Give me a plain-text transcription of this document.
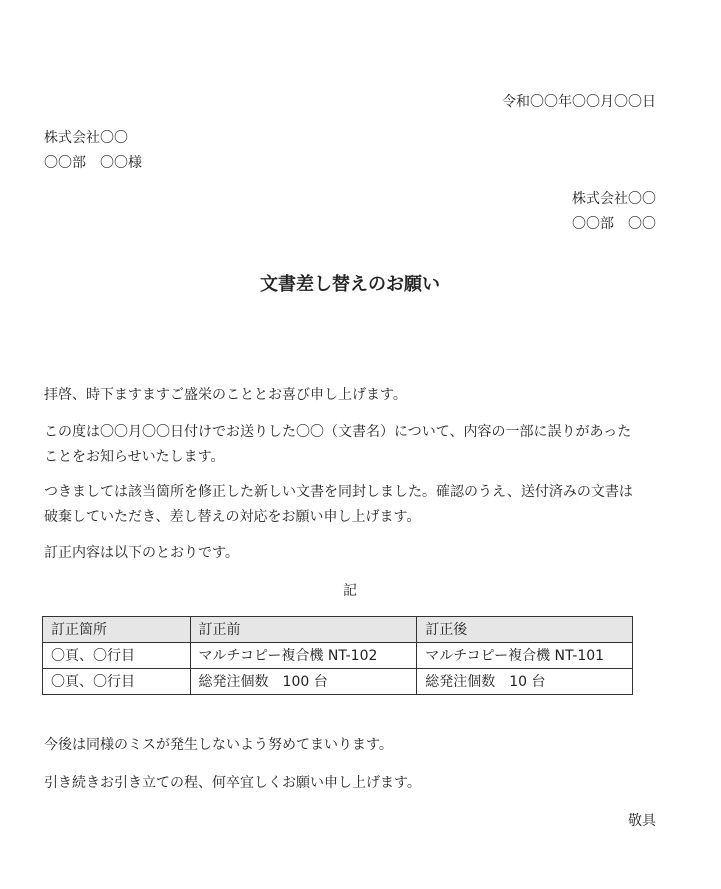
令和〇〇年〇〇月〇〇日
株式会社〇〇
〇〇部　〇〇様
株式会社〇〇
〇〇部　〇〇
文書差し替えのお願い
拝啓、時下ますますご盛栄のこととお喜び申し上げます。
この度は〇〇月〇〇日付けでお送りした〇〇（文書名）について、内容の一部に誤りがあった
ことをお知らせいたします。
つきましては該当箇所を修正した新しい文書を同封しました。確認のうえ、送付済みの文書は
破棄していただき、差し替えの対応をお願い申し上げます。
訂正内容は以下のとおりです。
記
訂正箇所	訂正前	訂正後
〇頁、〇行目	マルチコピー複合機 NT-102	マルチコピー複合機 NT-101
〇頁、〇行目	総発注個数　100 台	総発注個数　10 台
今後は同様のミスが発生しないよう努めてまいります。
引き続きお引き立ての程、何卒宜しくお願い申し上げます。
敬具
